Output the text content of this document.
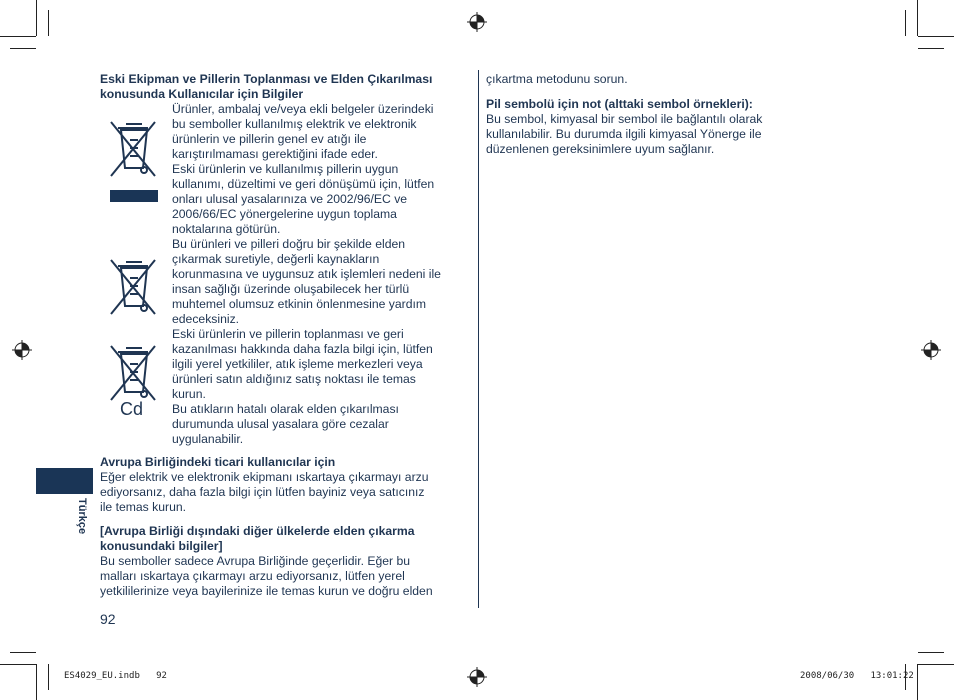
Eski Ekipman ve Pillerin Toplanması ve Elden Çıkarılması
konusunda Kullanıcılar için Bilgiler
Ürünler, ambalaj ve/veya ekli belgeler üzerindeki
bu semboller kullanılmış elektrik ve elektronik
ürünlerin ve pillerin genel ev atığı ile
karıştırılmaması gerektiğini ifade eder.
Eski ürünlerin ve kullanılmış pillerin uygun
kullanımı, düzeltimi ve geri dönüşümü için, lütfen
onları ulusal yasalarınıza ve 2002/96/EC ve
2006/66/EC yönergelerine uygun toplama
noktalarına götürün.
Bu ürünleri ve pilleri doğru bir şekilde elden
çıkarmak suretiyle, değerli kaynakların
korunmasına ve uygunsuz atık işlemleri nedeni ile
insan sağlığı üzerinde oluşabilecek her türlü
muhtemel olumsuz etkinin önlenmesine yardım
edeceksiniz.
Eski ürünlerin ve pillerin toplanması ve geri
kazanılması hakkında daha fazla bilgi için, lütfen
ilgili yerel yetkililer, atık işleme merkezleri veya
ürünleri satın aldığınız satış noktası ile temas
kurun.
Bu atıkların hatalı olarak elden çıkarılması
durumunda ulusal yasalara göre cezalar
uygulanabilir.
Cd
Avrupa Birliğindeki ticari kullanıcılar için
Eğer elektrik ve elektronik ekipmanı ıskartaya çıkarmayı arzu
ediyorsanız, daha fazla bilgi için lütfen bayiniz veya satıcınız
ile temas kurun.
[Avrupa Birliği dışındaki diğer ülkelerde elden çıkarma
konusundaki bilgiler]
Bu semboller sadece Avrupa Birliğinde geçerlidir. Eğer bu
malları ıskartaya çıkarmayı arzu ediyorsanız, lütfen yerel
yetkililerinize veya bayilerinize ile temas kurun ve doğru elden
çıkartma metodunu sorun.
Pil sembolü için not (alttaki sembol örnekleri):
Bu sembol, kimyasal bir sembol ile bağlantılı olarak
kullanılabilir. Bu durumda ilgili kimyasal Yönerge ile
düzenlenen gereksinimlere uyum sağlanır.
Türkçe
92
ES4029_EU.indb   92	2008/06/30   13:01:22
